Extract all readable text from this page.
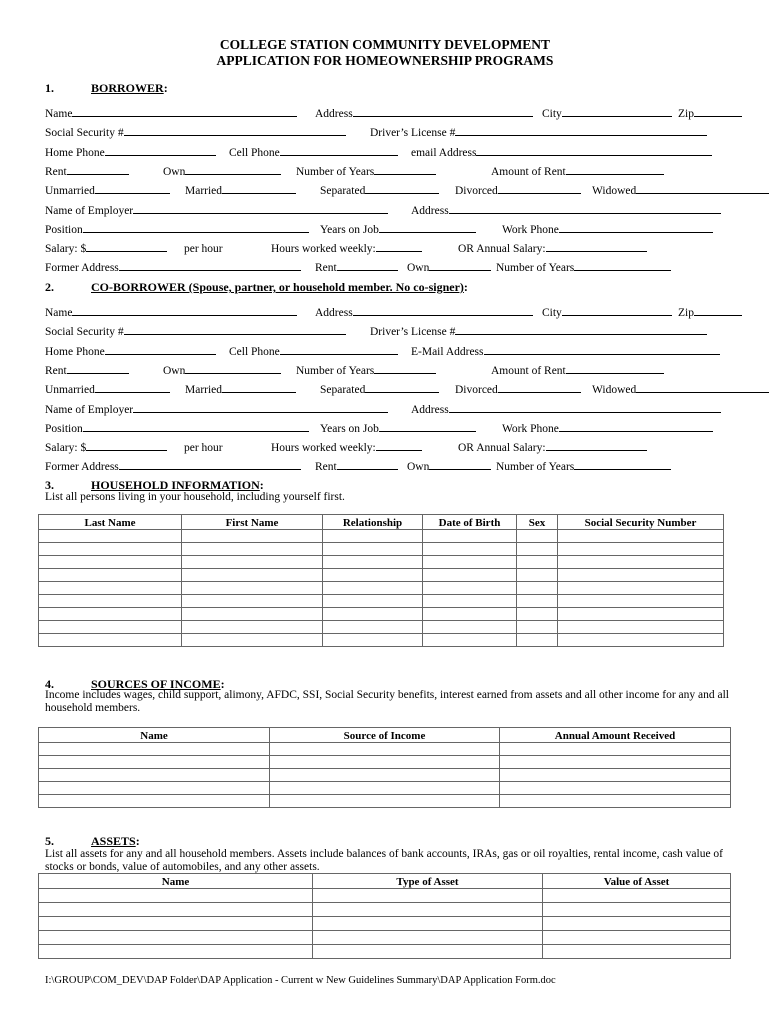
COLLEGE STATION COMMUNITY DEVELOPMENT
APPLICATION FOR HOMEOWNERSHIP PROGRAMS
1.	BORROWER:
Name	Address	City	Zip
Social Security #	Driver’s License #
Home Phone	Cell Phone	email Address
Rent	Own	Number of Years	Amount of Rent
Unmarried	Married	Separated	Divorced	Widowed
Name of Employer	Address
Position	Years on Job	Work Phone
Salary: $	per hour	Hours worked weekly:	OR Annual Salary:
Former Address	Rent	Own	Number of Years
2.	CO-BORROWER (Spouse, partner, or household member. No co-signer):
Name	Address	City	Zip
Social Security #	Driver’s License #
Home Phone	Cell Phone	E-Mail Address
Rent	Own	Number of Years	Amount of Rent
Unmarried	Married	Separated	Divorced	Widowed
Name of Employer	Address
Position	Years on Job	Work Phone
Salary: $	per hour	Hours worked weekly:	OR Annual Salary:
Former Address	Rent	Own	Number of Years
3.	HOUSEHOLD INFORMATION:
List all persons living in your household, including yourself first.
Last Name	First Name	Relationship	Date of Birth	Sex	Social Security Number

4.	SOURCES OF INCOME:
Income includes wages, child support, alimony, AFDC, SSI, Social Security benefits, interest earned from assets and all other income for any and all household members.
Name	Source of Income	Annual Amount Received

5.	ASSETS:
List all assets for any and all household members. Assets include balances of bank accounts, IRAs, gas or oil royalties, rental income, cash value of stocks or bonds, value of automobiles, and any other assets.
Name	Type of Asset	Value of Asset

I:\GROUP\COM_DEV\DAP Folder\DAP Application - Current w New Guidelines Summary\DAP Application Form.doc
